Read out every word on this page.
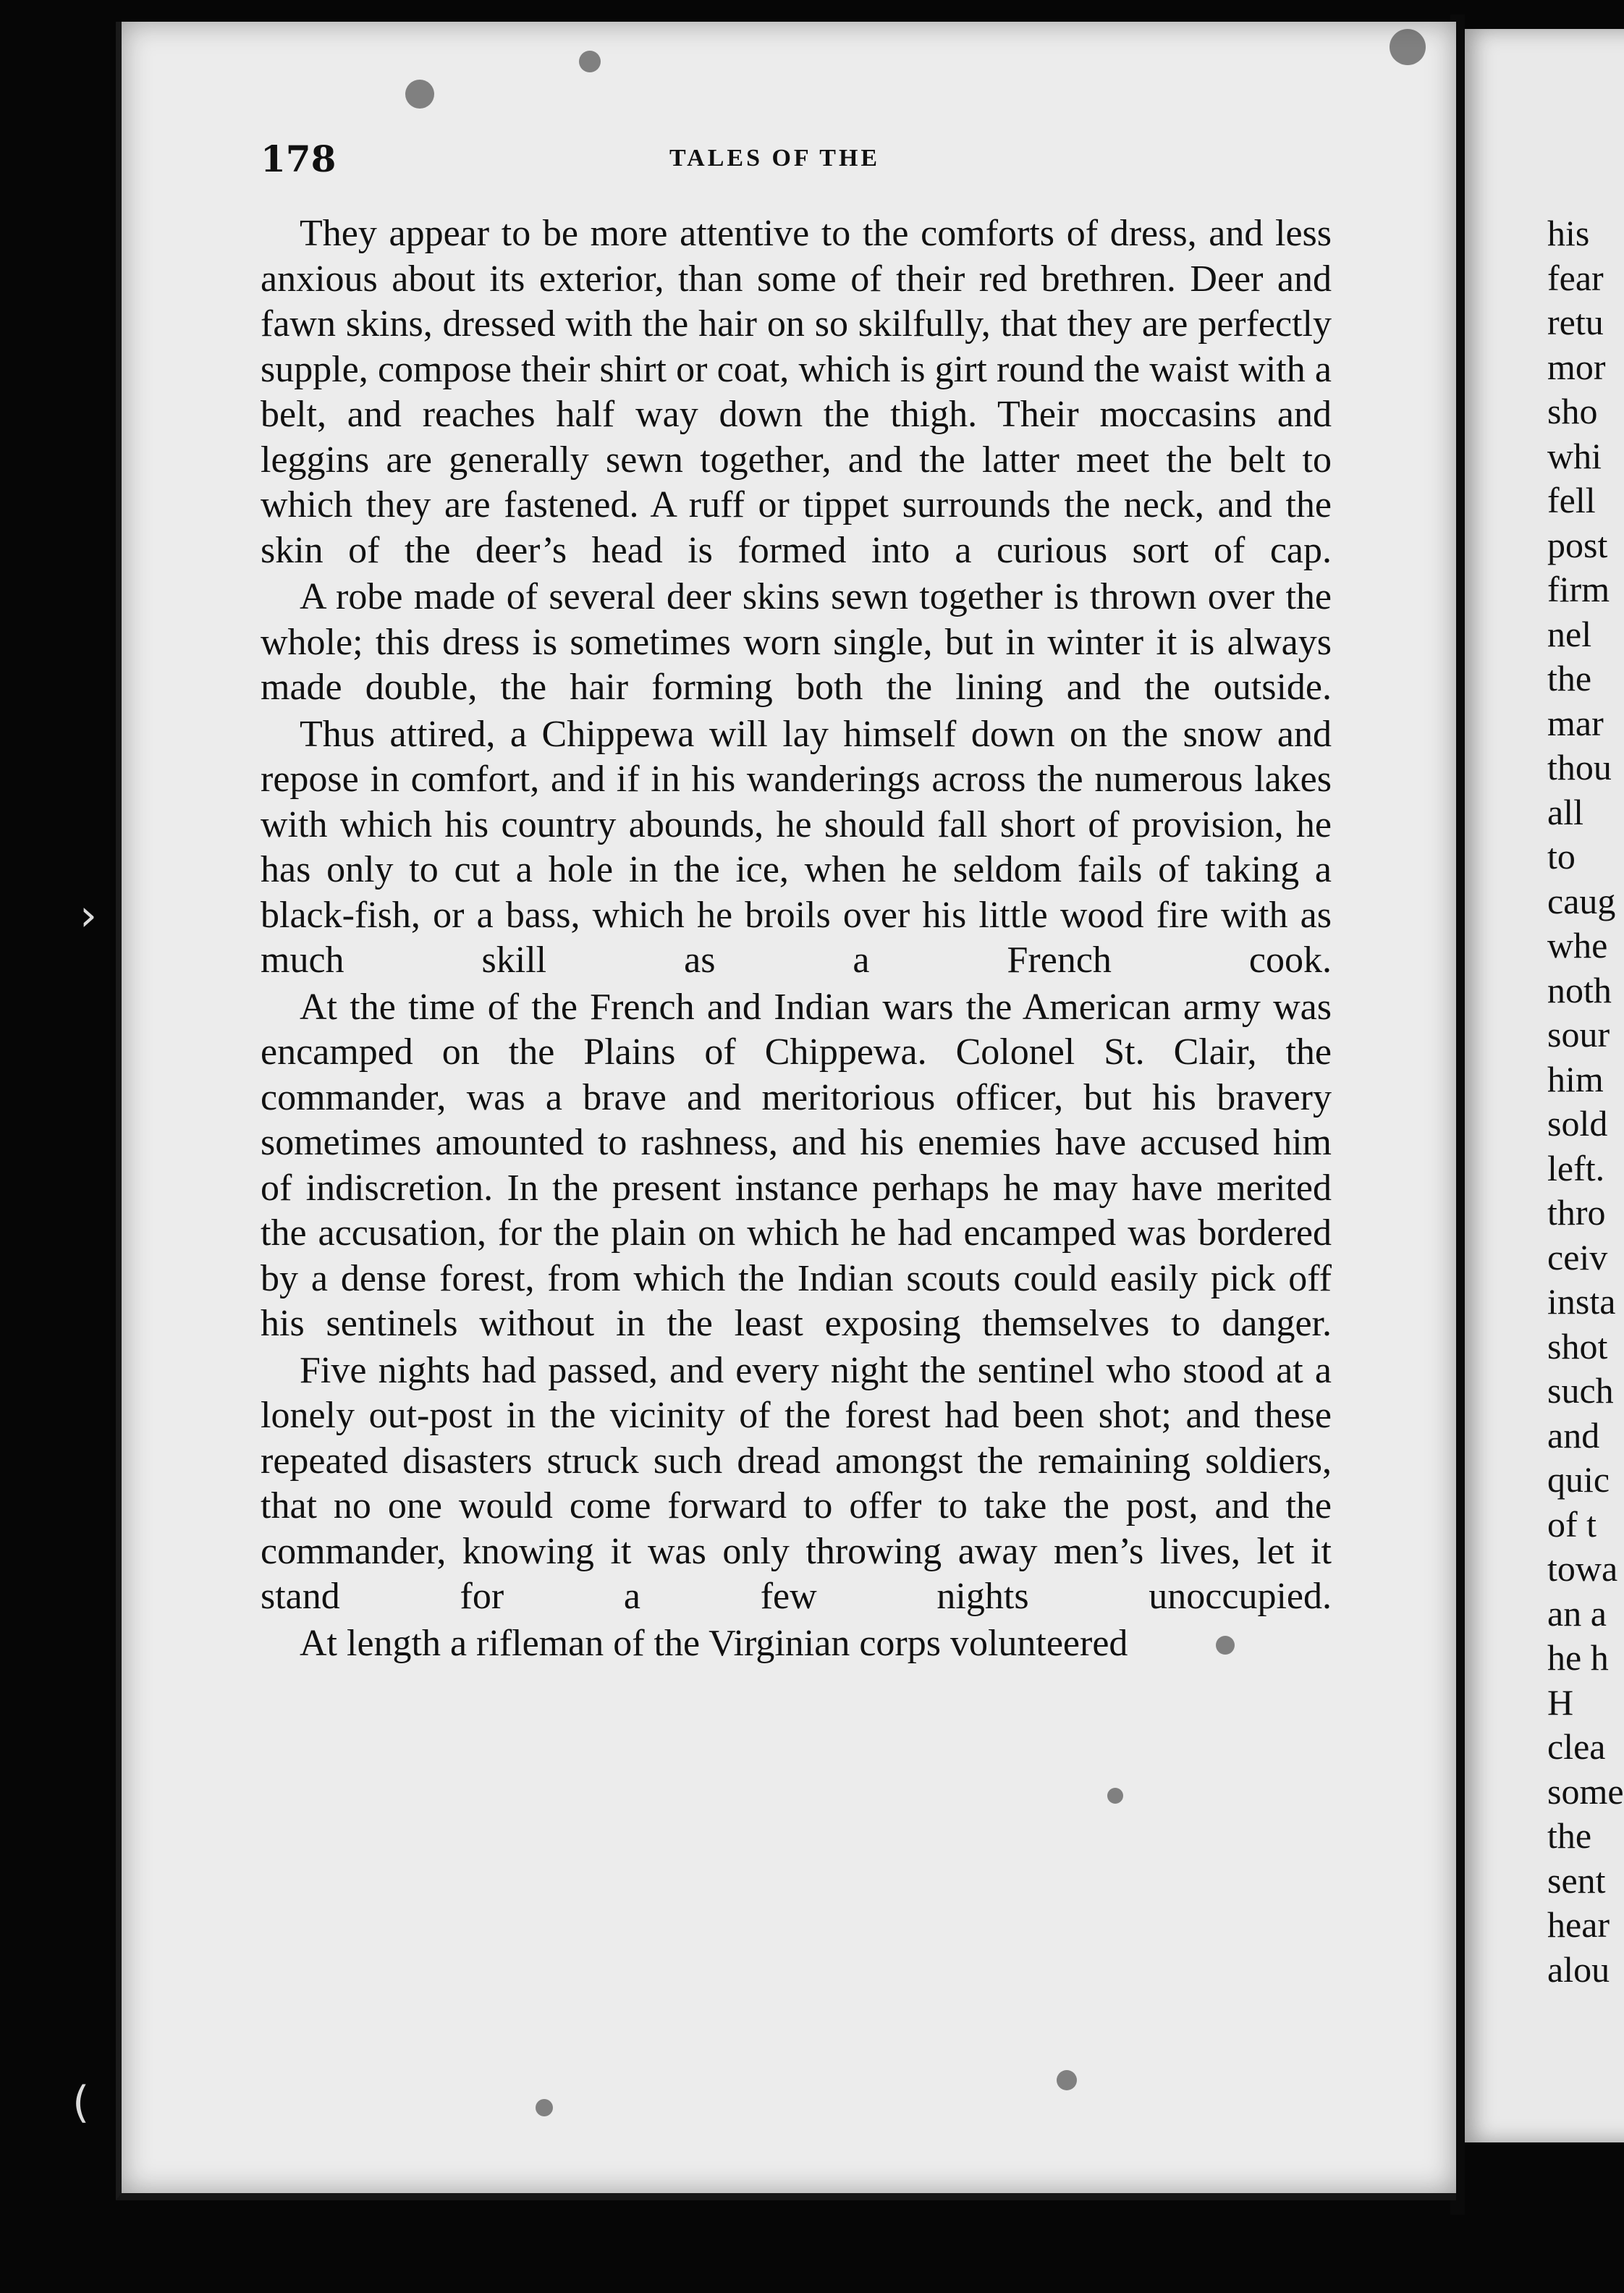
178	TALES OF THE

They appear to be more attentive to the comforts of dress, and less anxious about its exterior, than some of their red brethren. Deer and fawn skins, dressed with the hair on so skilfully, that they are perfectly supple, compose their shirt or coat, which is girt round the waist with a belt, and reaches half way down the thigh. Their moccasins and leggins are generally sewn together, and the latter meet the belt to which they are fastened. A ruff or tippet surrounds the neck, and the skin of the deer’s head is formed into a curious sort of cap.

A robe made of several deer skins sewn together is thrown over the whole; this dress is sometimes worn single, but in winter it is always made double, the hair forming both the lining and the outside.

Thus attired, a Chippewa will lay himself down on the snow and repose in comfort, and if in his wanderings across the numerous lakes with which his country abounds, he should fall short of provision, he has only to cut a hole in the ice, when he seldom fails of taking a black-fish, or a bass, which he broils over his little wood fire with as much skill as a French cook.

At the time of the French and Indian wars the American army was encamped on the Plains of Chippewa. Colonel St. Clair, the commander, was a brave and meritorious officer, but his bravery sometimes amounted to rashness, and his enemies have accused him of indiscretion. In the present instance perhaps he may have merited the accusation, for the plain on which he had encamped was bordered by a dense forest, from which the Indian scouts could easily pick off his sentinels without in the least exposing themselves to danger.

Five nights had passed, and every night the sentinel who stood at a lonely out-post in the vicinity of the forest had been shot; and these repeated disasters struck such dread amongst the remaining soldiers, that no one would come forward to offer to take the post, and the commander, knowing it was only throwing away men’s lives, let it stand for a few nights unoccupied.

At length a rifleman of the Virginian corps volunteered

his
fear
retu
mor
sho
whi
fell
post
firm
nel
the
mar
thou
all
to
caug
whe
noth
sour
him
sold
left.
thro
ceiv
insta
shot
such
and
quic
of t
towa
an a
he h
H
clea
some
the
sent
hear
alou
›
(
